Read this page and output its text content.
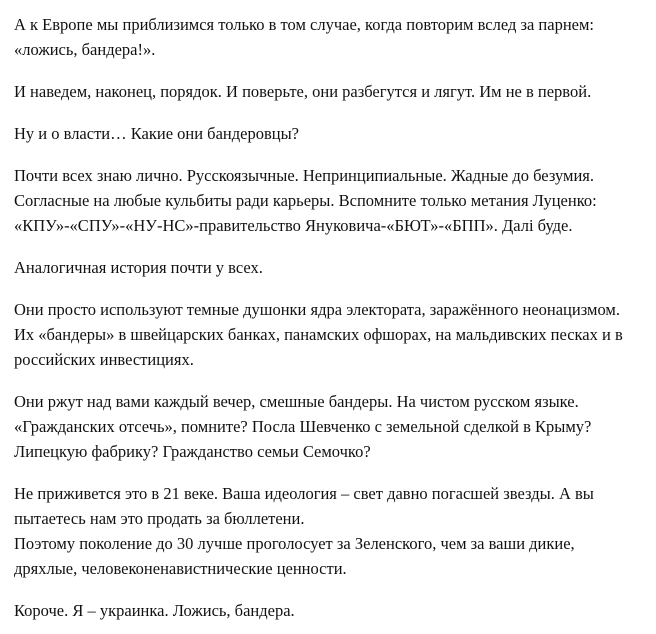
А к Европе мы приблизимся только в том случае, когда повторим вслед за парнем: «ложись, бандера!».

И наведем, наконец, порядок. И поверьте, они разбегутся и лягут. Им не в первой.

Ну и о власти… Какие они бандеровцы?

Почти всех знаю лично. Русскоязычные. Непринципиальные. Жадные до безумия. Согласные на любые кульбиты ради карьеры. Вспомните только метания Луценко: «КПУ»-«СПУ»-«НУ-НС»-правительство Януковича-«БЮТ»-«БПП». Далі буде.

Аналогичная история почти у всех.

Они просто используют темные душонки ядра электората, заражённого неонацизмом. Их «бандеры» в швейцарских банках, панамских офшорах, на мальдивских песках и в российских инвестициях.

Они ржут над вами каждый вечер, смешные бандеры. На чистом русском языке. «Гражданских отсечь», помните? Посла Шевченко с земельной сделкой в Крыму? Липецкую фабрику? Гражданство семьи Семочко?

Не приживется это в 21 веке. Ваша идеология – свет давно погасшей звезды. А вы пытаетесь нам это продать за бюллетени.

Поэтому поколение до 30 лучше проголосует за Зеленского, чем за ваши дикие, дряхлые, человеконенавистнические ценности.

Короче. Я – украинка. Ложись, бандера.
